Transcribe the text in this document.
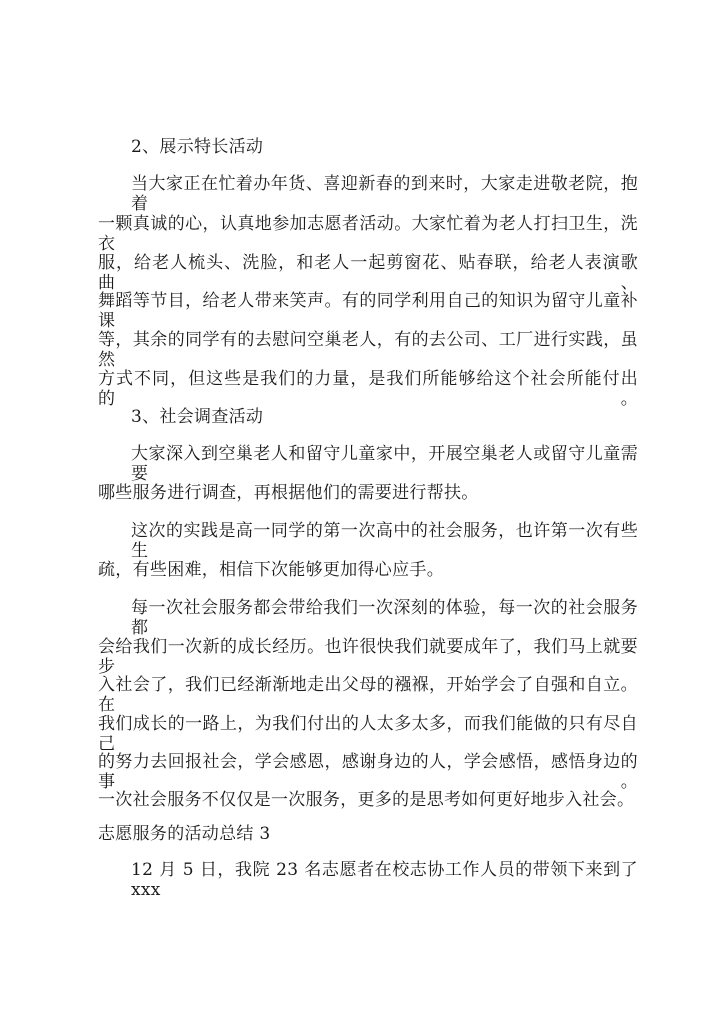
2、展示特长活动
当大家正在忙着办年货、喜迎新春的到来时，大家走进敬老院，抱着
一颗真诚的心，认真地参加志愿者活动。大家忙着为老人打扫卫生，洗衣
服，给老人梳头、洗脸，和老人一起剪窗花、贴春联，给老人表演歌曲、
舞蹈等节目，给老人带来笑声。有的同学利用自己的知识为留守儿童补课
等，其余的同学有的去慰问空巢老人，有的去公司、工厂进行实践，虽然
方式不同，但这些是我们的力量，是我们所能够给这个社会所能付出的。
3、社会调查活动
大家深入到空巢老人和留守儿童家中，开展空巢老人或留守儿童需要
哪些服务进行调查，再根据他们的需要进行帮扶。
这次的实践是高一同学的第一次高中的社会服务，也许第一次有些生
疏，有些困难，相信下次能够更加得心应手。
每一次社会服务都会带给我们一次深刻的体验，每一次的社会服务都
会给我们一次新的成长经历。也许很快我们就要成年了，我们马上就要步
入社会了，我们已经渐渐地走出父母的襁褓，开始学会了自强和自立。在
我们成长的一路上，为我们付出的人太多太多，而我们能做的只有尽自己
的努力去回报社会，学会感恩，感谢身边的人，学会感悟，感悟身边的事。
一次社会服务不仅仅是一次服务，更多的是思考如何更好地步入社会。
志愿服务的活动总结 3
12 月 5 日，我院 23 名志愿者在校志协工作人员的带领下来到了 xxx
